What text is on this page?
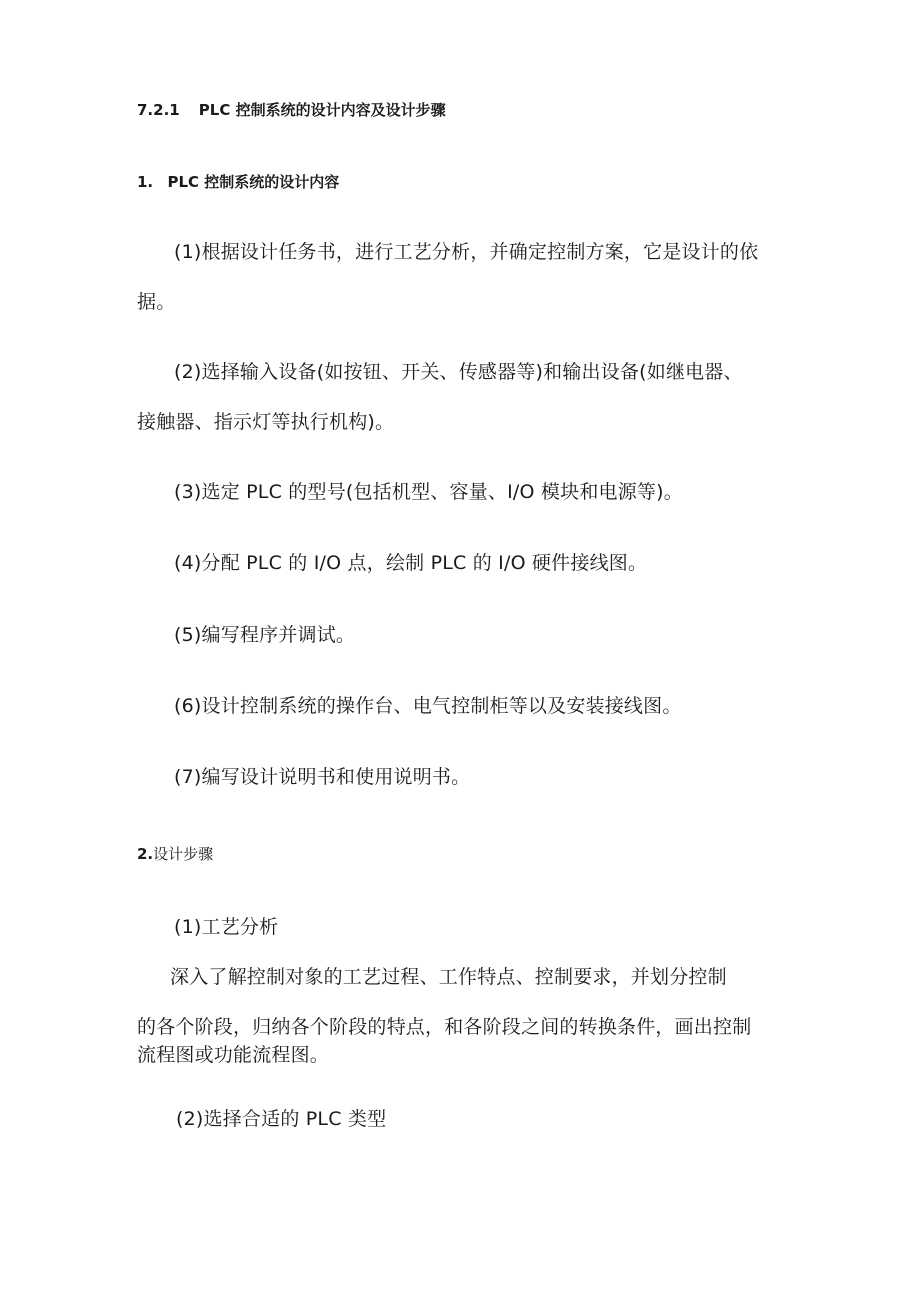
7.2.1 PLC 控制系统的设计内容及设计步骤
1. PLC 控制系统的设计内容

(1)根据设计任务书，进行工艺分析，并确定控制方案，它是设计的依

据。

(2)选择输入设备(如按钮、开关、传感器等)和输出设备(如继电器、

接触器、指示灯等执行机构)。

(3)选定 PLC 的型号(包括机型、容量、I/O 模块和电源等)。

(4)分配 PLC 的 I/O 点，绘制 PLC 的 I/O 硬件接线图。

(5)编写程序并调试。

(6)设计控制系统的操作台、电气控制柜等以及安装接线图。

(7)编写设计说明书和使用说明书。

2.设计步骤

(1)工艺分析

深入了解控制对象的工艺过程、工作特点、控制要求，并划分控制

的各个阶段，归纳各个阶段的特点，和各阶段之间的转换条件，画出控制

流程图或功能流程图。

(2)选择合适的 PLC 类型
